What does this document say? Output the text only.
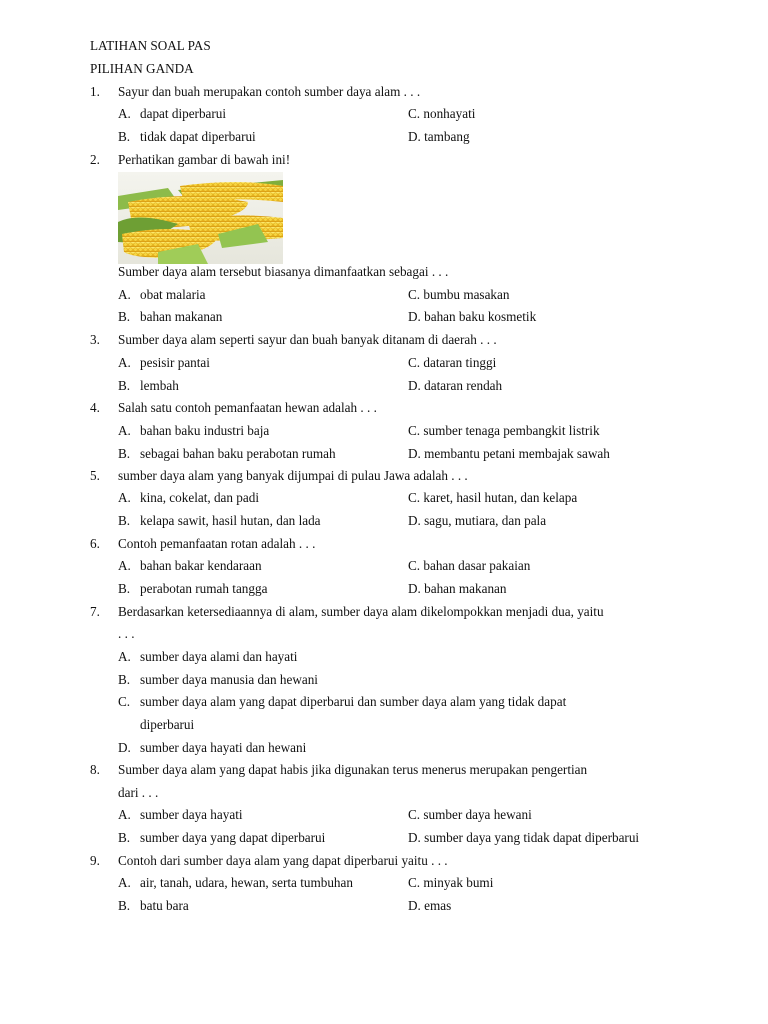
LATIHAN SOAL PAS
PILIHAN GANDA
1. Sayur dan buah merupakan contoh sumber daya alam . . .
A. dapat diperbarui	C. nonhayati
B. tidak dapat diperbarui	D. tambang
2. Perhatikan gambar di bawah ini!
Sumber daya alam tersebut biasanya dimanfaatkan sebagai . . .
A. obat malaria	C. bumbu masakan
B. bahan makanan	D. bahan baku kosmetik
3. Sumber daya alam seperti sayur dan buah banyak ditanam di daerah . . .
A. pesisir pantai	C. dataran tinggi
B. lembah	D. dataran rendah
4. Salah satu contoh pemanfaatan hewan adalah . . .
A. bahan baku industri baja	C. sumber tenaga pembangkit listrik
B. sebagai bahan baku perabotan rumah	D. membantu petani membajak sawah
5. sumber daya alam yang banyak dijumpai di pulau Jawa adalah . . .
A. kina, cokelat, dan padi	C. karet, hasil hutan, dan kelapa
B. kelapa sawit, hasil hutan, dan lada	D. sagu, mutiara, dan pala
6. Contoh pemanfaatan rotan adalah . . .
A. bahan bakar kendaraan	C. bahan dasar pakaian
B. perabotan rumah tangga	D. bahan makanan
7. Berdasarkan ketersediaannya di alam, sumber daya alam dikelompokkan menjadi dua, yaitu
. . .
A. sumber daya alami dan hayati
B. sumber daya manusia dan hewani
C. sumber daya alam yang dapat diperbarui dan sumber daya alam yang tidak dapat
diperbarui
D. sumber daya hayati dan hewani
8. Sumber daya alam yang dapat habis jika digunakan terus menerus merupakan pengertian
dari . . .
A. sumber daya hayati	C. sumber daya hewani
B. sumber daya yang dapat diperbarui	D. sumber daya yang tidak dapat diperbarui
9. Contoh dari sumber daya alam yang dapat diperbarui yaitu . . .
A. air, tanah, udara, hewan, serta tumbuhan	C. minyak bumi
B. batu bara	D. emas
